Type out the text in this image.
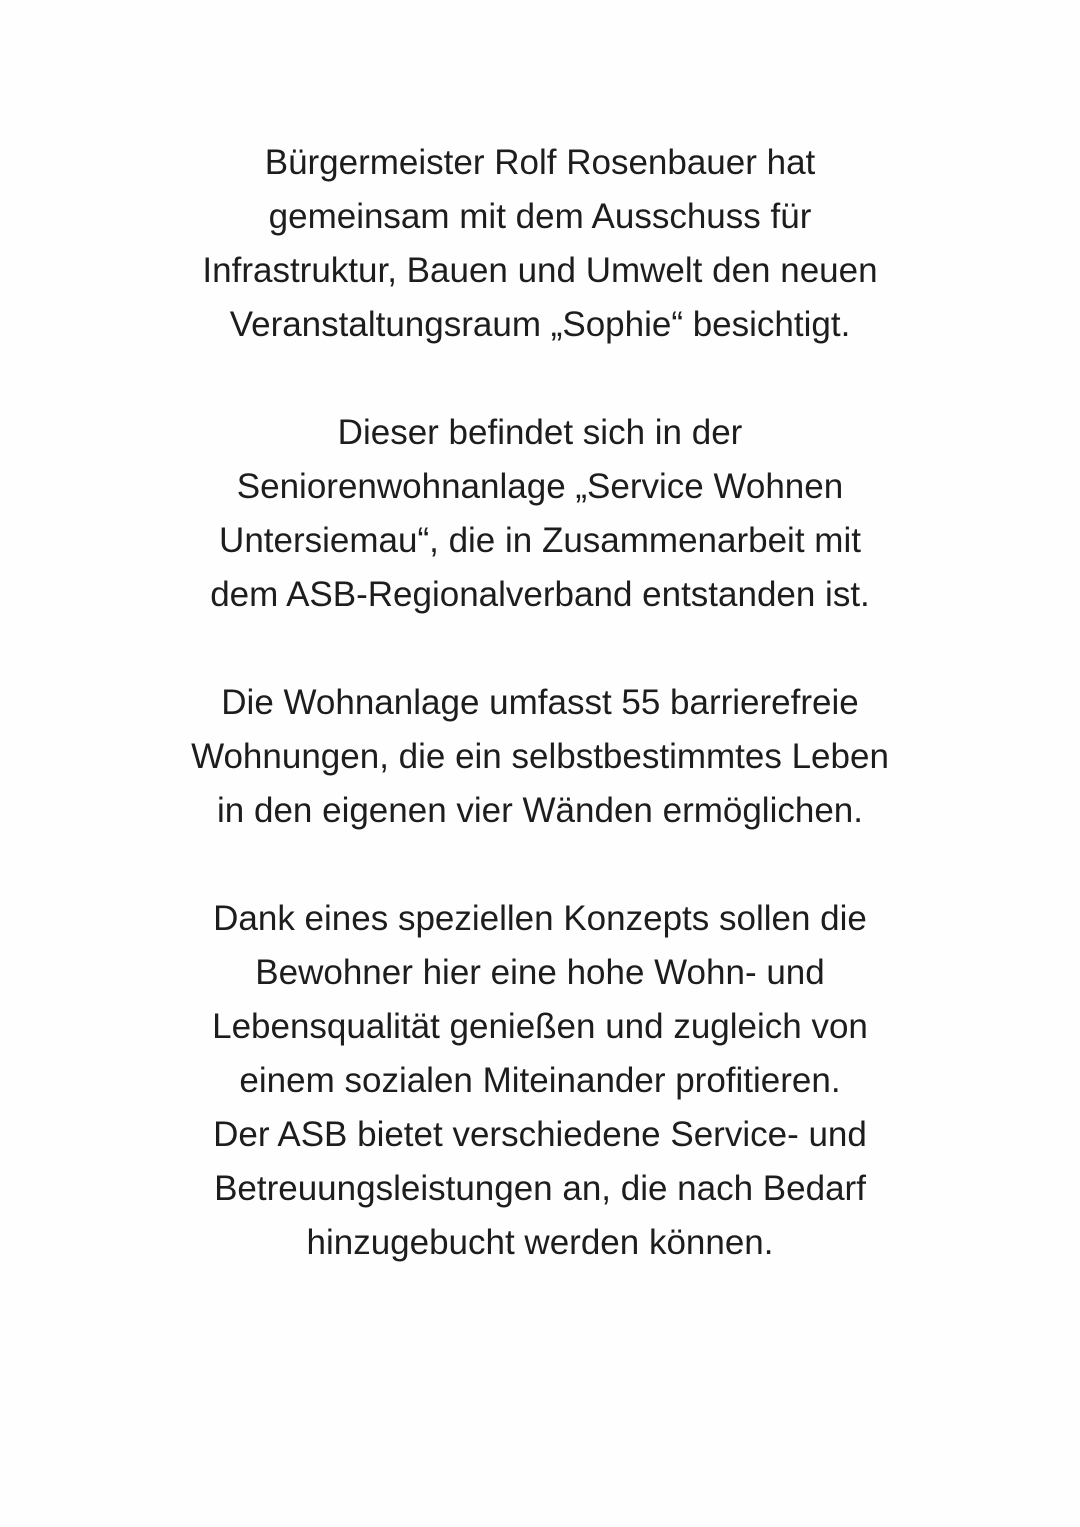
Bürgermeister Rolf Rosenbauer hat
gemeinsam mit dem Ausschuss für
Infrastruktur, Bauen und Umwelt den neuen
Veranstaltungsraum „Sophie“ besichtigt.

Dieser befindet sich in der
Seniorenwohnanlage „Service Wohnen
Untersiemau“, die in Zusammenarbeit mit
dem ASB-Regionalverband entstanden ist.

Die Wohnanlage umfasst 55 barrierefreie
Wohnungen, die ein selbstbestimmtes Leben
in den eigenen vier Wänden ermöglichen.

Dank eines speziellen Konzepts sollen die
Bewohner hier eine hohe Wohn- und
Lebensqualität genießen und zugleich von
einem sozialen Miteinander profitieren.
Der ASB bietet verschiedene Service- und
Betreuungsleistungen an, die nach Bedarf
hinzugebucht werden können.
